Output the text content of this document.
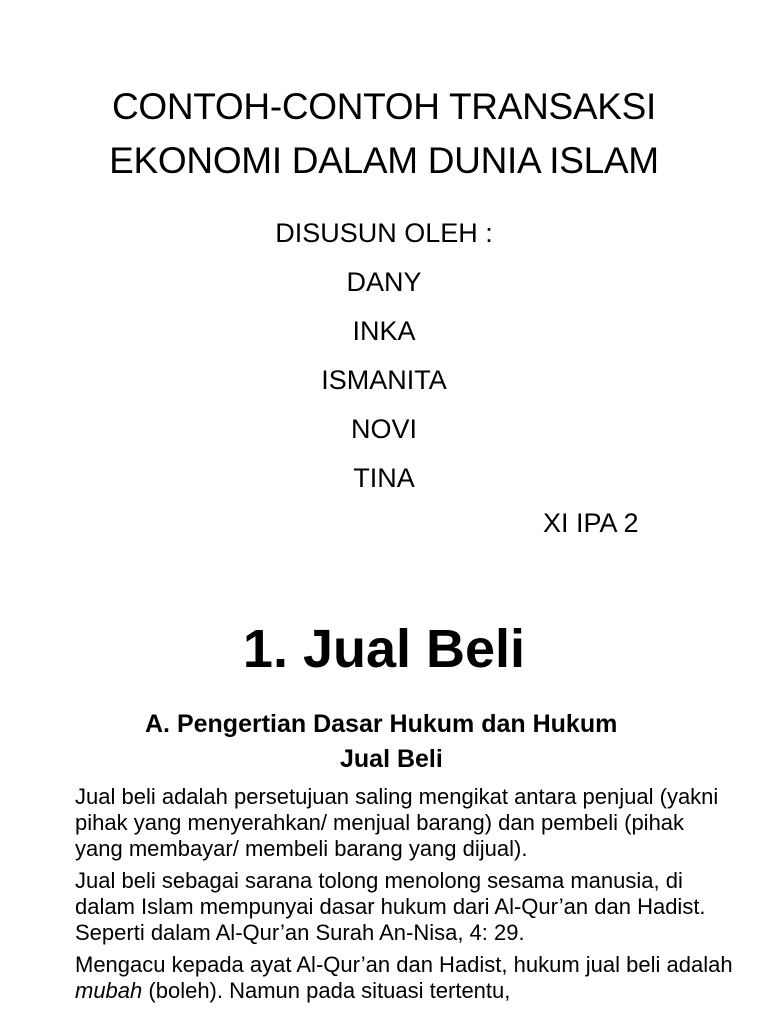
CONTOH-CONTOH TRANSAKSI
EKONOMI DALAM DUNIA ISLAM
DISUSUN OLEH :
DANY
INKA
ISMANITA
NOVI
TINA
XI IPA 2
1. Jual Beli
A. Pengertian Dasar Hukum dan Hukum
Jual Beli

Jual beli adalah persetujuan saling mengikat antara penjual (yakni pihak yang menyerahkan/ menjual barang) dan pembeli (pihak yang membayar/ membeli barang yang dijual).

Jual beli sebagai sarana tolong menolong sesama manusia, di dalam Islam mempunyai dasar hukum dari Al-Qur’an dan Hadist. Seperti dalam Al-Qur’an Surah An-Nisa, 4: 29.

Mengacu kepada ayat Al-Qur’an dan Hadist, hukum jual beli adalah mubah (boleh). Namun pada situasi tertentu,
